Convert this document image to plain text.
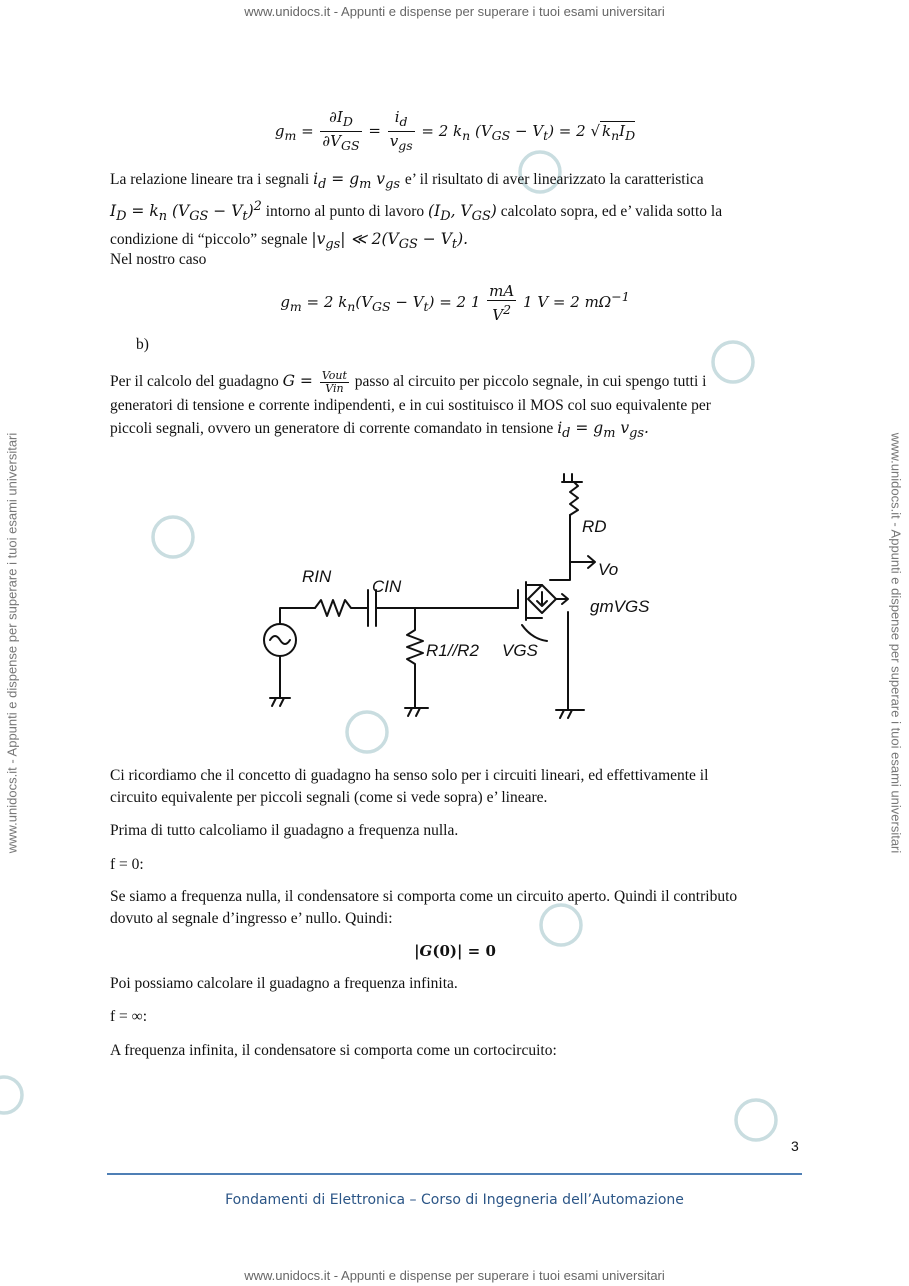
www.unidocs.it - Appunti e dispense per superare i tuoi esami universitari
www.unidocs.it - Appunti e dispense per superare i tuoi esami universitari
www.unidocs.it - Appunti e dispense per superare i tuoi esami universitari	www.unidocs.it - Appunti e dispense per superare i tuoi esami universitari
$g_m = \frac{\partial I_D}{\partial V_{GS}} = \frac{i_d}{v_{gs}} = 2$ $k_n$ $(V_{GS} - V_t) = 2$ √ $k_nI_D$
La relazione lineare tra i segnali $i_d = g_m$ $v_{gs}$ e’ il risultato di aver linearizzato la caratteristica
$I_D = k_n$ $(V_{GS} - V_t)^2$ intorno al punto di lavoro ($I_D$, $V_{GS}$) calcolato sopra, ed e’ valida sotto la
condizione di “piccolo” segnale $|v_{gs}|$ ≪ $2(V_{GS} - V_t)$.
Nel nostro caso
$g_m = 2$ $k_n(V_{GS} - V_t) = 2$ $1 \frac{mA}{V^2} 1$ V = 2 $m\Omega^{-1}$
b)
Per il calcolo del guadagno $G = \frac{\text{Vout}}{\text{Vin}}$ passo al circuito per piccolo segnale, in cui spengo tutti i
generatori di tensione e corrente indipendenti, e in cui sostituisco il MOS col suo equivalente per
piccoli segnali, ovvero un generatore di corrente comandato in tensione $i_d = g_m$ $v_{gs}$.
Ci ricordiamo che il concetto di guadagno ha senso solo per i circuiti lineari, ed effettivamente il
circuito equivalente per piccoli segnali (come si vede sopra) e’ lineare.
Prima di tutto calcoliamo il guadagno a frequenza nulla.
f = 0:
Se siamo a frequenza nulla, il condensatore si comporta come un circuito aperto. Quindi il contributo
dovuto al segnale d’ingresso e’ nullo. Quindi:
|G(0)| = 0
Poi possiamo calcolare il guadagno a frequenza infinita.
f = ∞:
A frequenza infinita, il condensatore si comporta come un cortocircuito:
RIN
CIN
RD
Vo
R1//R2 VGS
gmVGS
3
Fondamenti di Elettronica – Corso di Ingegneria dell’Automazione
